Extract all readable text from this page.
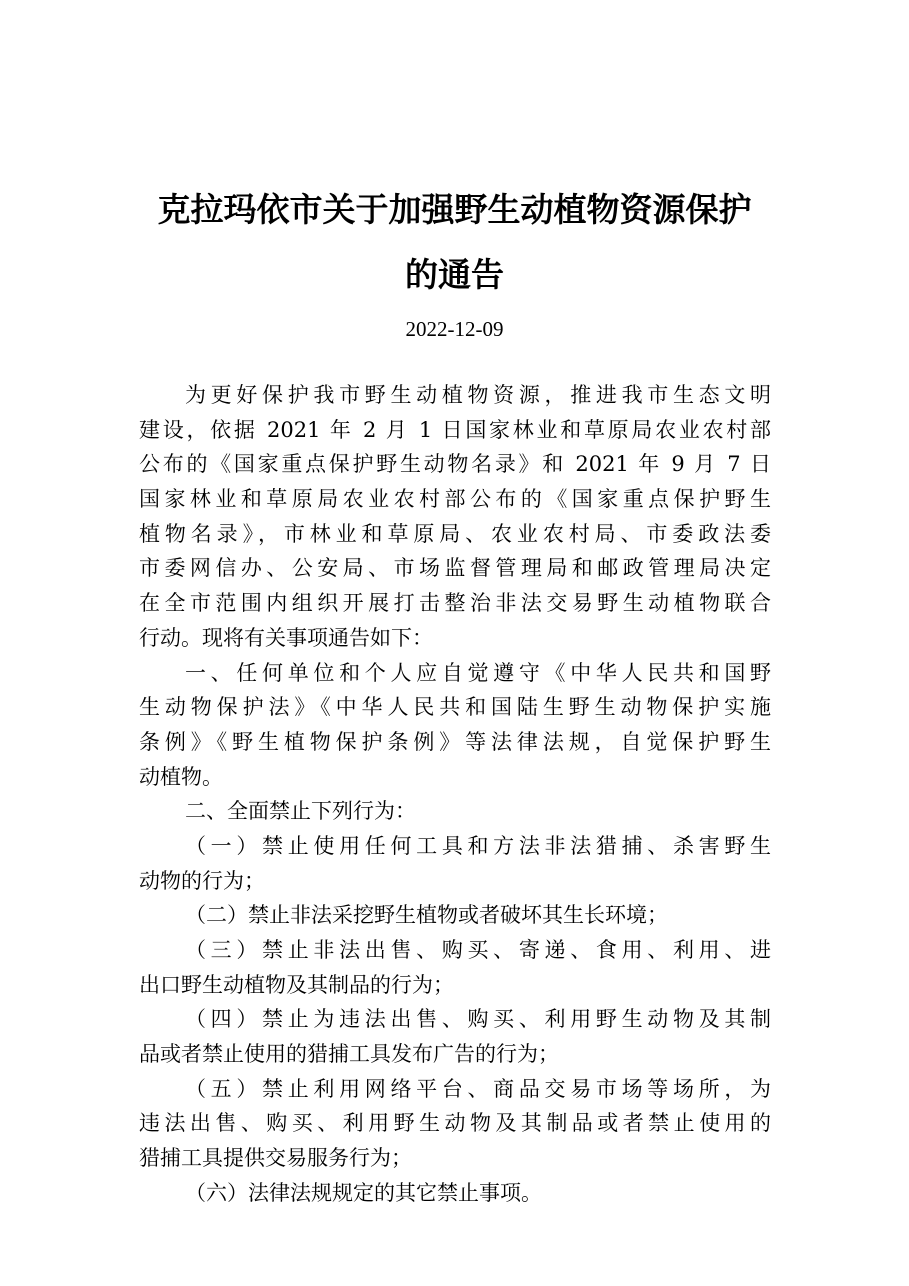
克拉玛依市关于加强野生动植物资源保护
的通告
2022-12-09
为更好保护我市野生动植物资源，推进我市生态文明
建设，依据 2021 年 2 月 1 日国家林业和草原局农业农村部
公布的《国家重点保护野生动物名录》和 2021 年 9 月 7 日
国家林业和草原局农业农村部公布的《国家重点保护野生
植物名录》，市林业和草原局、农业农村局、市委政法委
市委网信办、公安局、市场监督管理局和邮政管理局决定
在全市范围内组织开展打击整治非法交易野生动植物联合
行动。现将有关事项通告如下：
一、任何单位和个人应自觉遵守《中华人民共和国野
生动物保护法》《中华人民共和国陆生野生动物保护实施
条例》《野生植物保护条例》等法律法规，自觉保护野生
动植物。
二、全面禁止下列行为：
（一）禁止使用任何工具和方法非法猎捕、杀害野生
动物的行为；
（二）禁止非法采挖野生植物或者破坏其生长环境；
（三）禁止非法出售、购买、寄递、食用、利用、进
出口野生动植物及其制品的行为；
（四）禁止为违法出售、购买、利用野生动物及其制
品或者禁止使用的猎捕工具发布广告的行为；
（五）禁止利用网络平台、商品交易市场等场所，为
违法出售、购买、利用野生动物及其制品或者禁止使用的
猎捕工具提供交易服务行为；
（六）法律法规规定的其它禁止事项。
